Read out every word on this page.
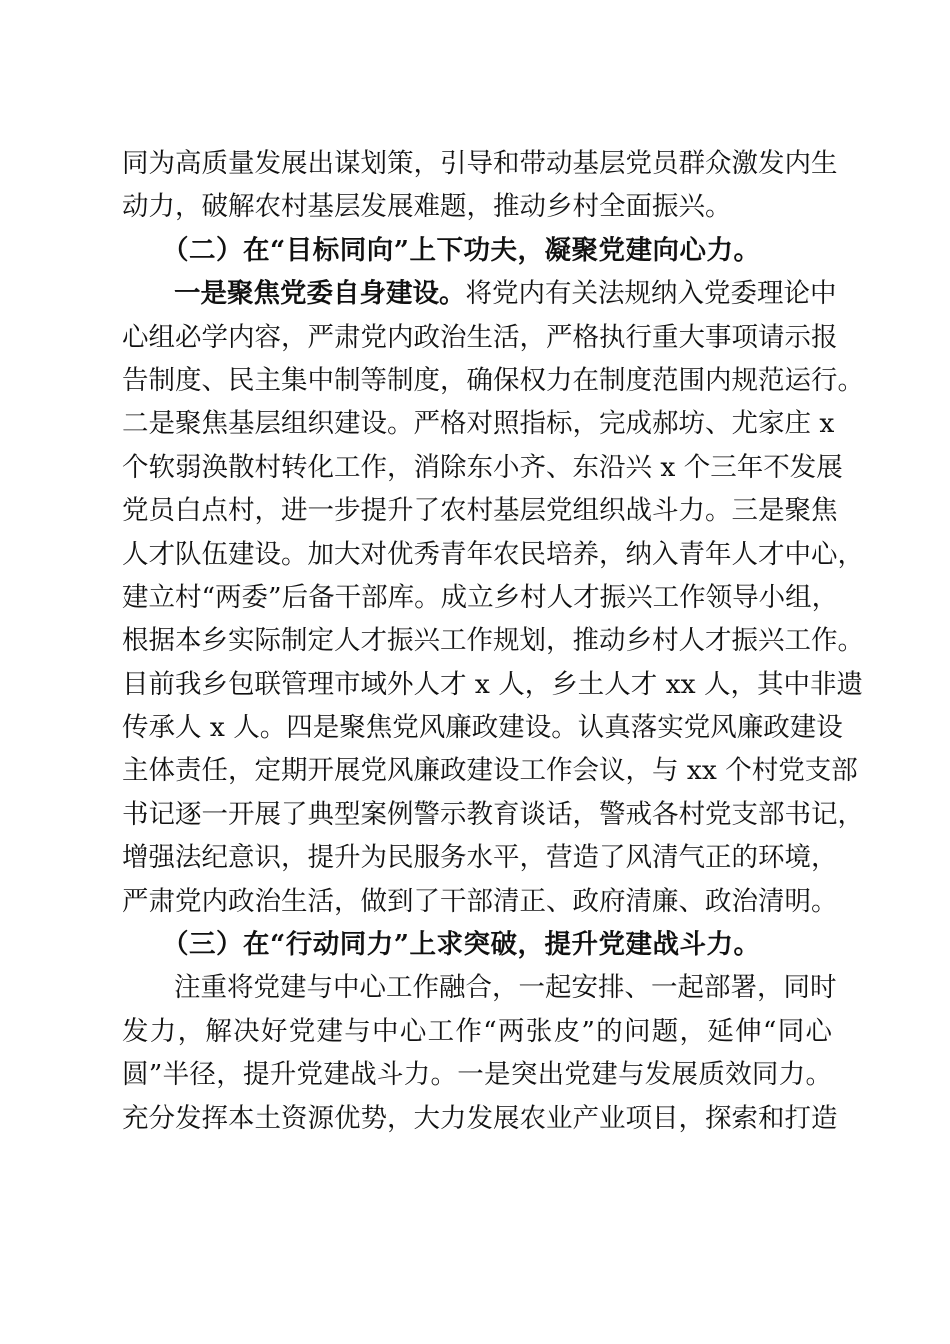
同为高质量发展出谋划策，引导和带动基层党员群众激发内生
动力，破解农村基层发展难题，推动乡村全面振兴。
（二）在“目标同向”上下功夫，凝聚党建向心力。
一是聚焦党委自身建设。将党内有关法规纳入党委理论中
心组必学内容，严肃党内政治生活，严格执行重大事项请示报
告制度、民主集中制等制度，确保权力在制度范围内规范运行。
二是聚焦基层组织建设。严格对照指标，完成郝坊、尤家庄 x
个软弱涣散村转化工作，消除东小齐、东沿兴 x 个三年不发展
党员白点村，进一步提升了农村基层党组织战斗力。三是聚焦
人才队伍建设。加大对优秀青年农民培养，纳入青年人才中心，
建立村“两委”后备干部库。成立乡村人才振兴工作领导小组，
根据本乡实际制定人才振兴工作规划，推动乡村人才振兴工作。
目前我乡包联管理市域外人才 x 人，乡土人才 xx 人，其中非遗
传承人 x 人。四是聚焦党风廉政建设。认真落实党风廉政建设
主体责任，定期开展党风廉政建设工作会议，与 xx 个村党支部
书记逐一开展了典型案例警示教育谈话，警戒各村党支部书记，
增强法纪意识，提升为民服务水平，营造了风清气正的环境，
严肃党内政治生活，做到了干部清正、政府清廉、政治清明。
（三）在“行动同力”上求突破，提升党建战斗力。
注重将党建与中心工作融合，一起安排、一起部署，同时
发力，解决好党建与中心工作“两张皮”的问题，延伸“同心
圆”半径，提升党建战斗力。一是突出党建与发展质效同力。
充分发挥本土资源优势，大力发展农业产业项目，探索和打造
